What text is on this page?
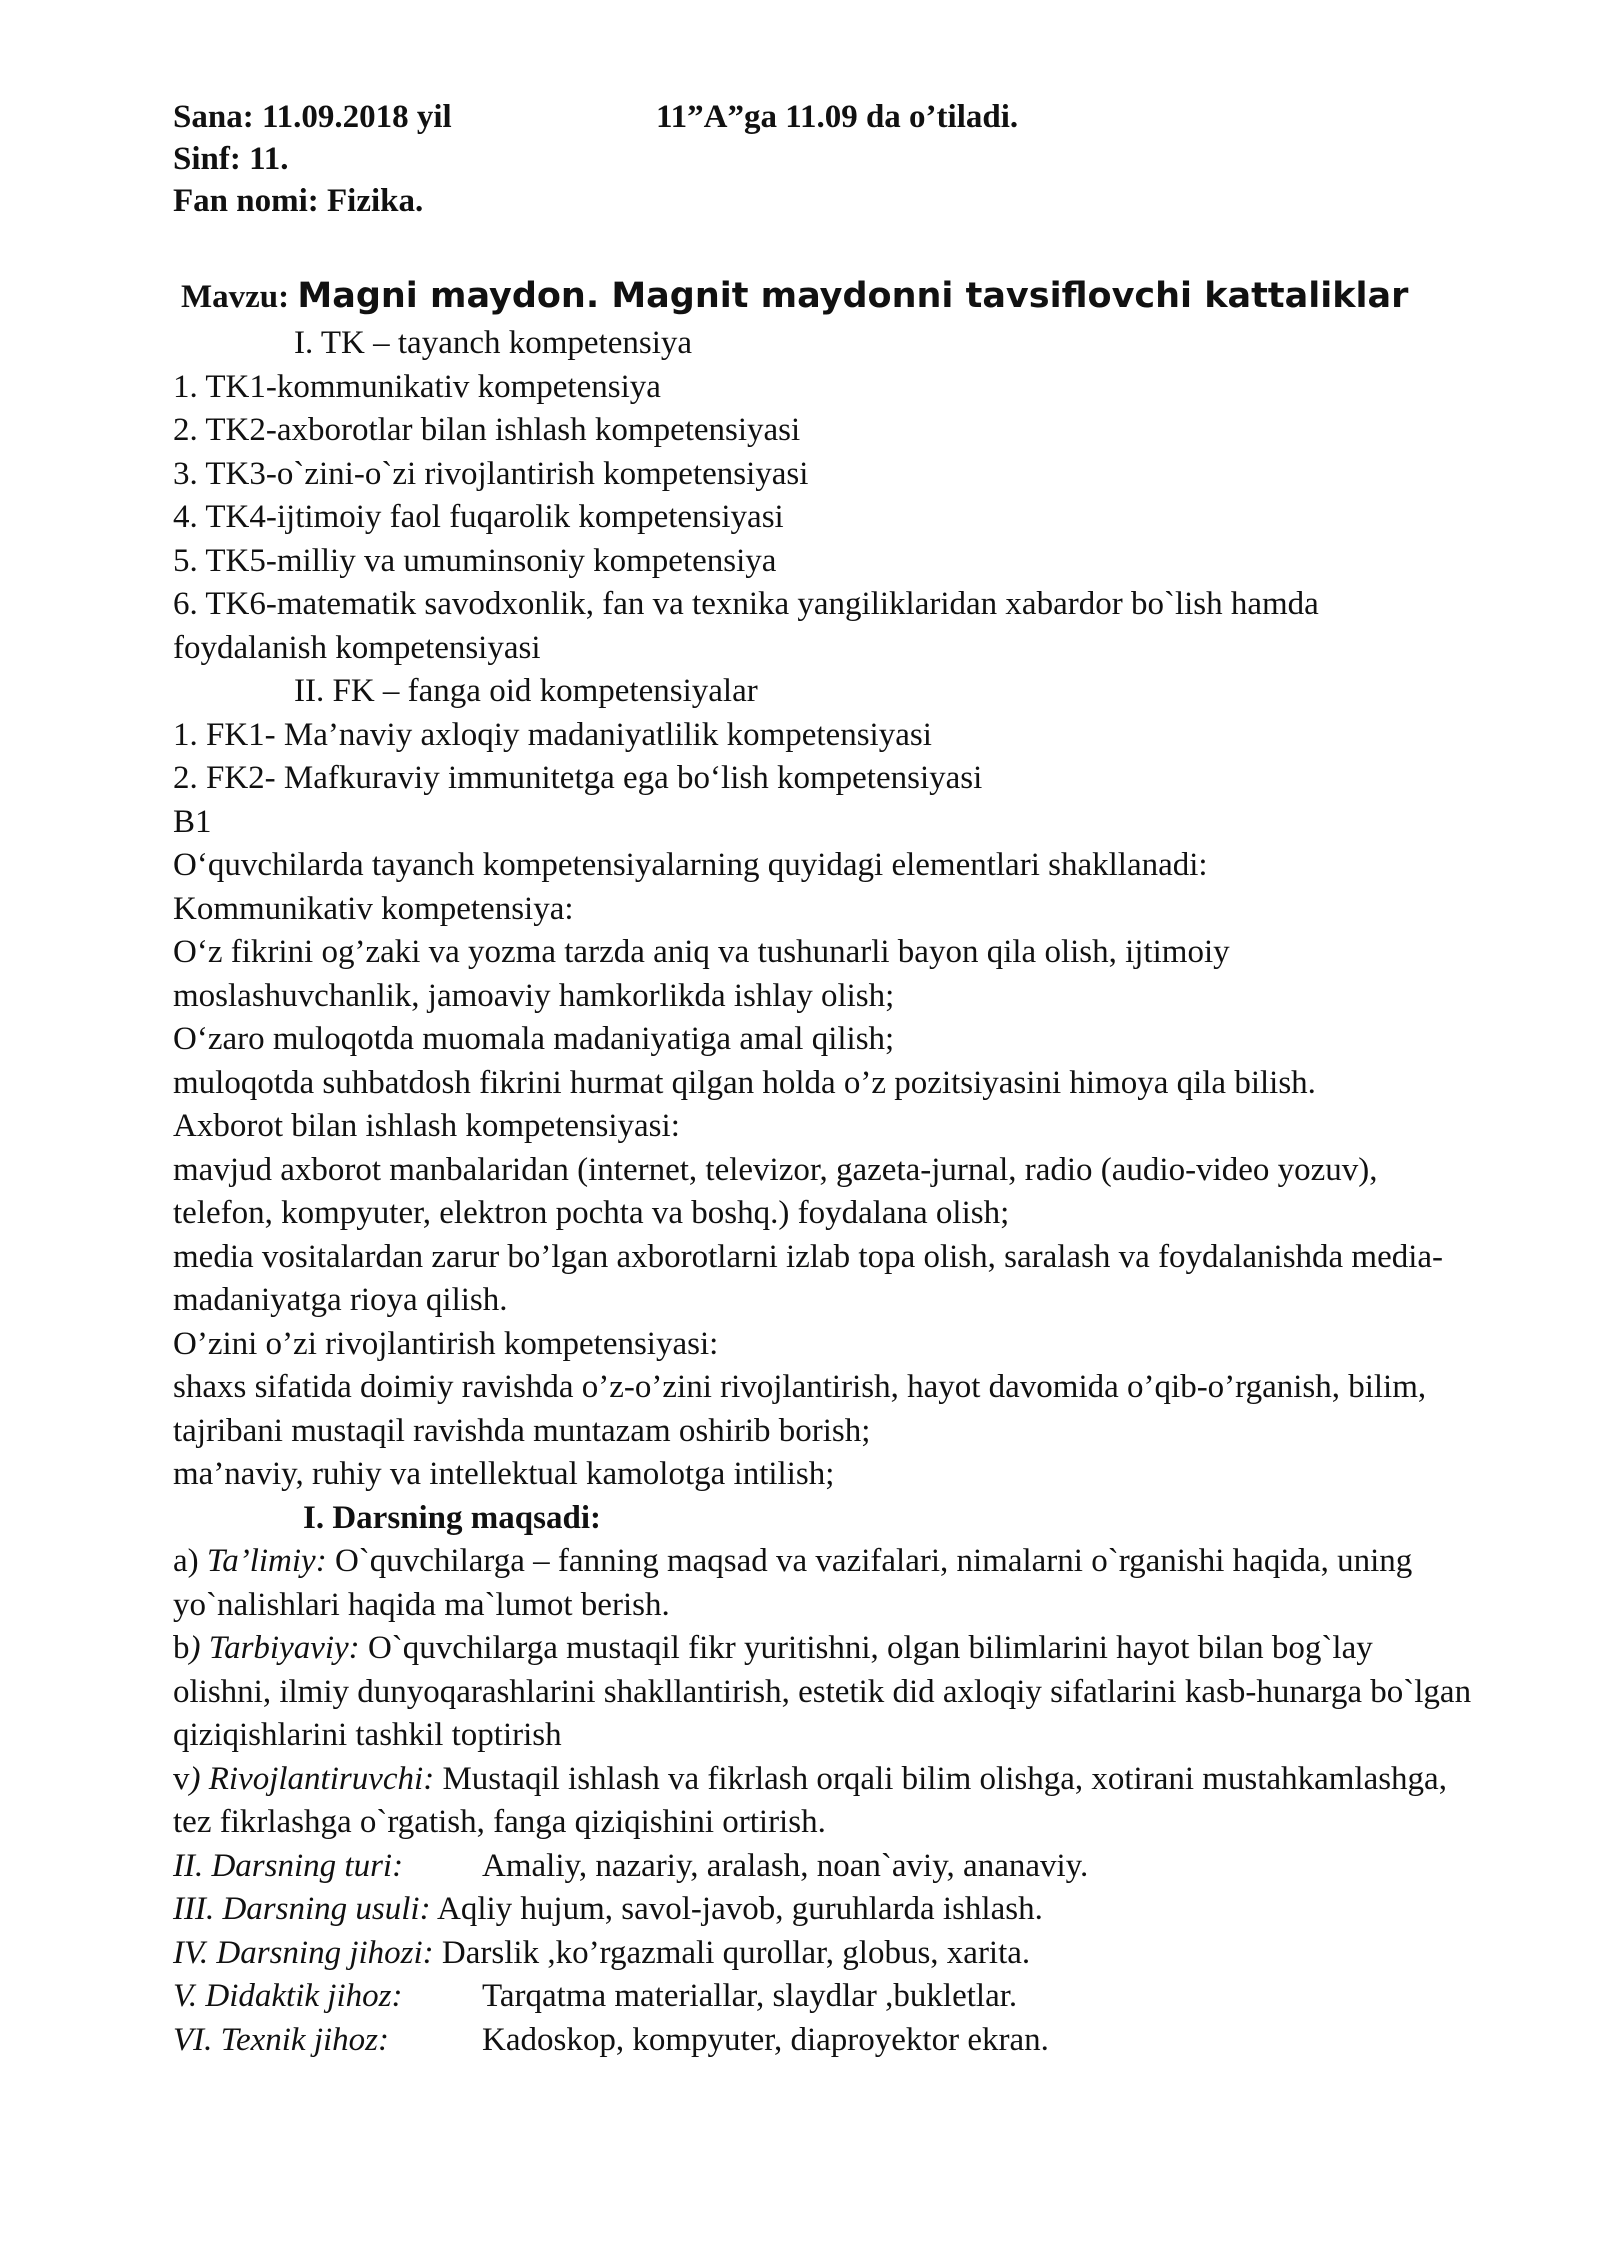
Sana: 11.09.2018 yil
Sinf: 11.
Fan nomi: Fizika.
11”A”ga 11.09 da o’tiladi.
Mavzu: Magni maydon. Magnit maydonni tavsiflovchi kattaliklar

I. TK – tayanch kompetensiya

1. TK1-kommunikativ kompetensiya

2. TK2-axborotlar bilan ishlash kompetensiyasi

3. TK3-o`zini-o`zi rivojlantirish kompetensiyasi

4. TK4-ijtimoiy faol fuqarolik kompetensiyasi

5. TK5-milliy va umuminsoniy kompetensiya

6. TK6-matematik savodxonlik, fan va texnika yangiliklaridan xabardor bo`lish hamda foydalanish kompetensiyasi

II. FK – fanga oid kompetensiyalar

1. FK1- Ma’naviy axloqiy madaniyatlilik kompetensiyasi

2. FK2- Mafkuraviy immunitetga ega bo‘lish kompetensiyasi

B1

O‘quvchilarda tayanch kompetensiyalarning quyidagi elementlari shakllanadi:

Kommunikativ kompetensiya:

O‘z fikrini og’zaki va yozma tarzda aniq va tushunarli bayon qila olish, ijtimoiy moslashuvchanlik, jamoaviy hamkorlikda ishlay olish;

O‘zaro muloqotda muomala madaniyatiga amal qilish;

muloqotda suhbatdosh fikrini hurmat qilgan holda o’z pozitsiyasini himoya qila bilish.

Axborot bilan ishlash kompetensiyasi:

mavjud axborot manbalaridan (internet, televizor, gazeta-jurnal, radio (audio-video yozuv), telefon, kompyuter, elektron pochta va boshq.) foydalana olish;

media vositalardan zarur bo’lgan axborotlarni izlab topa olish, saralash va foydalanishda media-madaniyatga rioya qilish.

O’zini o’zi rivojlantirish kompetensiyasi:

shaxs sifatida doimiy ravishda o’z-o’zini rivojlantirish, hayot davomida o’qib-o’rganish, bilim, tajribani mustaqil ravishda muntazam oshirib borish;

ma’naviy, ruhiy va intellektual kamolotga intilish;

I. Darsning maqsadi:

a) Ta’limiy: O`quvchilarga – fanning maqsad va vazifalari, nimalarni o`rganishi haqida, uning yo`nalishlari haqida ma`lumot berish.

b) Tarbiyaviy: O`quvchilarga mustaqil fikr yuritishni, olgan bilimlarini hayot bilan bog`lay olishni, ilmiy dunyoqarashlarini shakllantirish, estetik did axloqiy sifatlarini kasb-hunarga bo`lgan qiziqishlarini tashkil toptirish

v) Rivojlantiruvchi: Mustaqil ishlash va fikrlash orqali bilim olishga, xotirani mustahkamlashga, tez fikrlashga o`rgatish, fanga qiziqishini ortirish.

II. Darsning turi: Amaliy, nazariy, aralash, noan`aviy, ananaviy.

III. Darsning usuli: Aqliy hujum, savol-javob, guruhlarda ishlash.

IV. Darsning jihozi: Darslik ,ko’rgazmali qurollar, globus, xarita.

V. Didaktik jihoz: Tarqatma materiallar, slaydlar ,bukletlar.

VI. Texnik jihoz:	Kadoskop, kompyuter, diaproyektor ekran.
